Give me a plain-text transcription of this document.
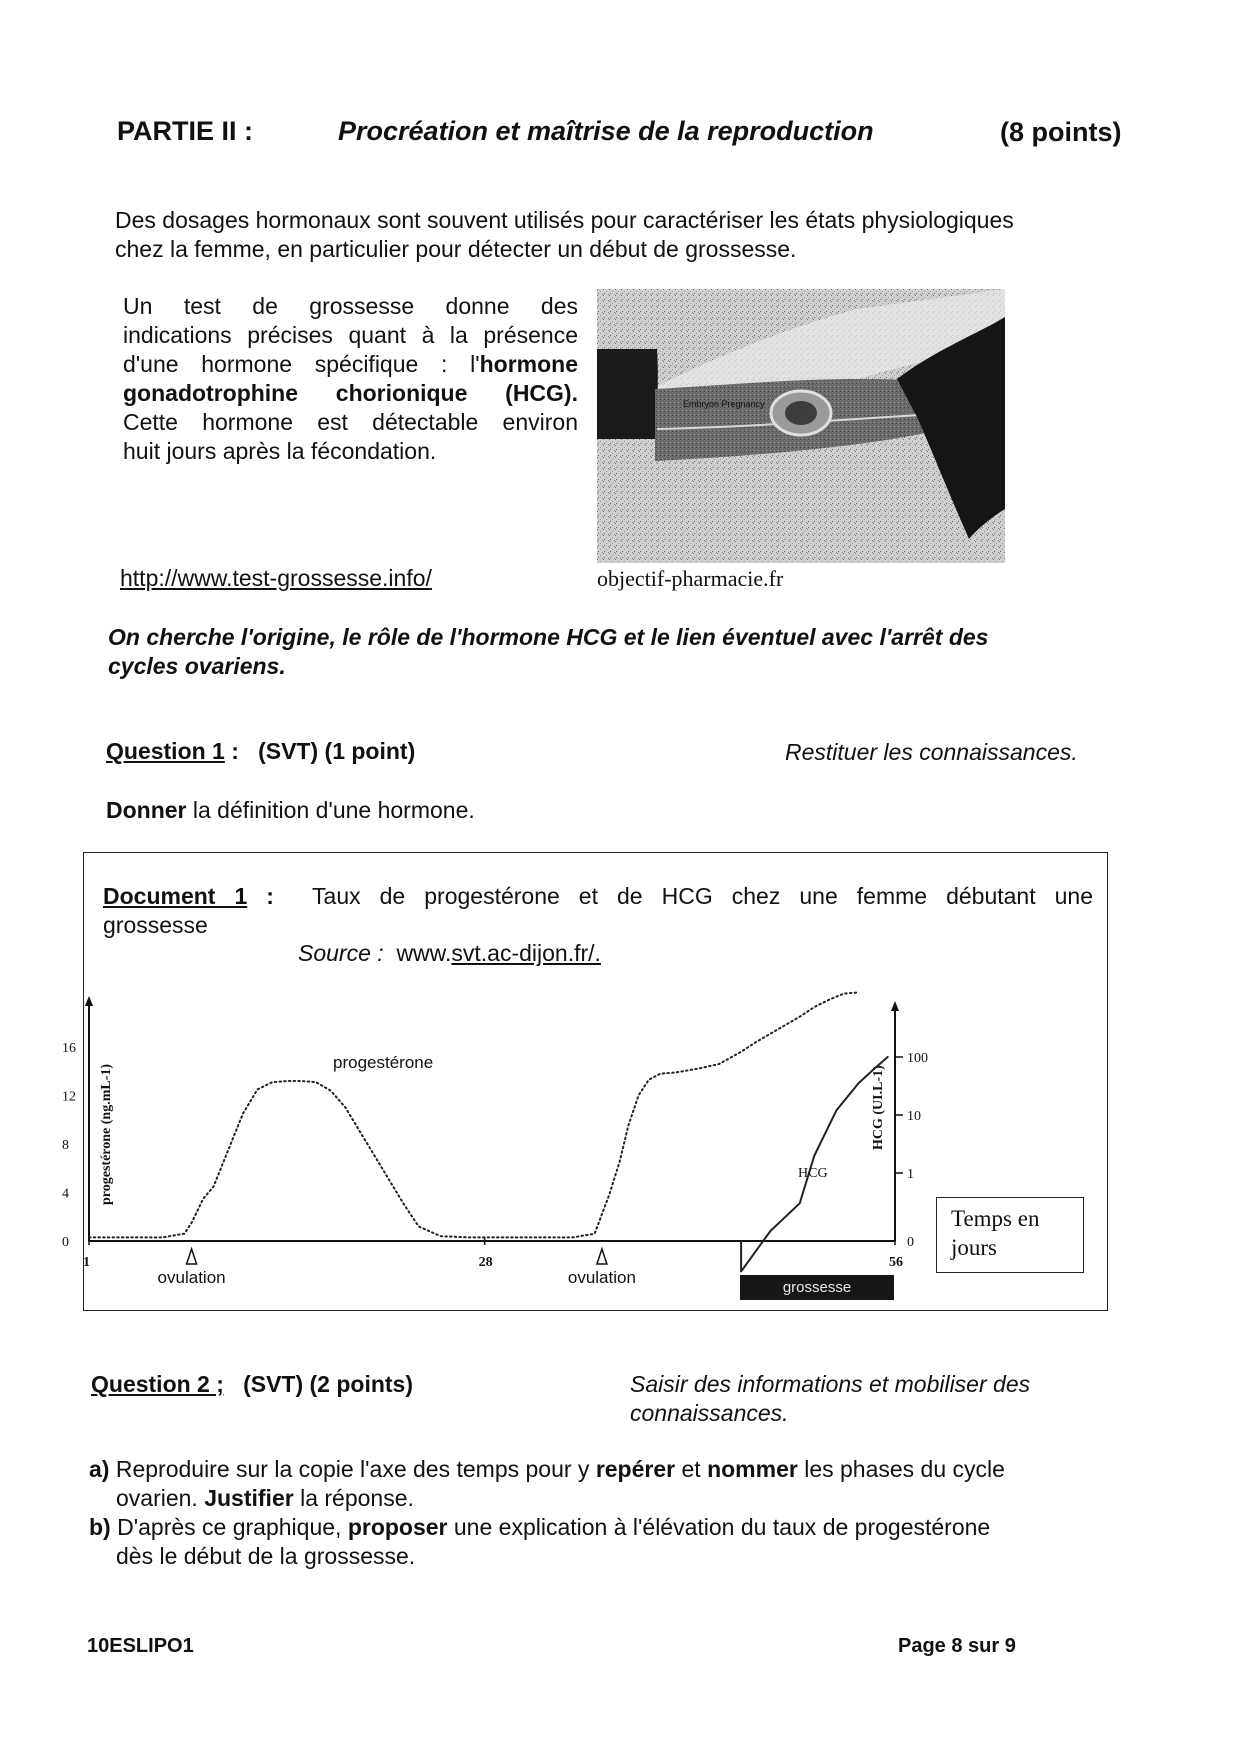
PARTIE II :	Procréation et maîtrise de la reproduction	(8 points)
Des dosages hormonaux sont souvent utilisés pour caractériser les états physiologiques
chez la femme, en particulier pour détecter un début de grossesse.
Un test de grossesse donne des
indications précises quant à la présence
d'une hormone spécifique : l'hormone
gonadotrophine chorionique (HCG).
Cette hormone est détectable environ
huit jours après la fécondation.
Embryon Pregnancy
http://www.test-grossesse.info/	objectif-pharmacie.fr
On cherche l'origine, le rôle de l'hormone HCG et le lien éventuel avec l'arrêt des
cycles ovariens.
Question 1 : (SVT) (1 point)	Restituer les connaissances.
Donner la définition d'une hormone.
Document 1 : Taux de progestérone et de HCG chez une femme débutant une
grossesse
Source :  www.svt.ac-dijon.fr/.
0
4
8
12
16
progestérone (ng.mL-1)
0
1
10
100
HCG (UI.L-1)
1	28	56
ovulation	ovulation
progestérone
HCG
Temps en jours
grossesse
Question 2 ; (SVT) (2 points)	Saisir des informations et mobiliser des
connaissances.
a) Reproduire sur la copie l'axe des temps pour y repérer et nommer les phases du cycle
ovarien. Justifier la réponse.
b) D'après ce graphique, proposer une explication à l'élévation du taux de progestérone
dès le début de la grossesse.
10ESLIPO1	Page 8 sur 9
